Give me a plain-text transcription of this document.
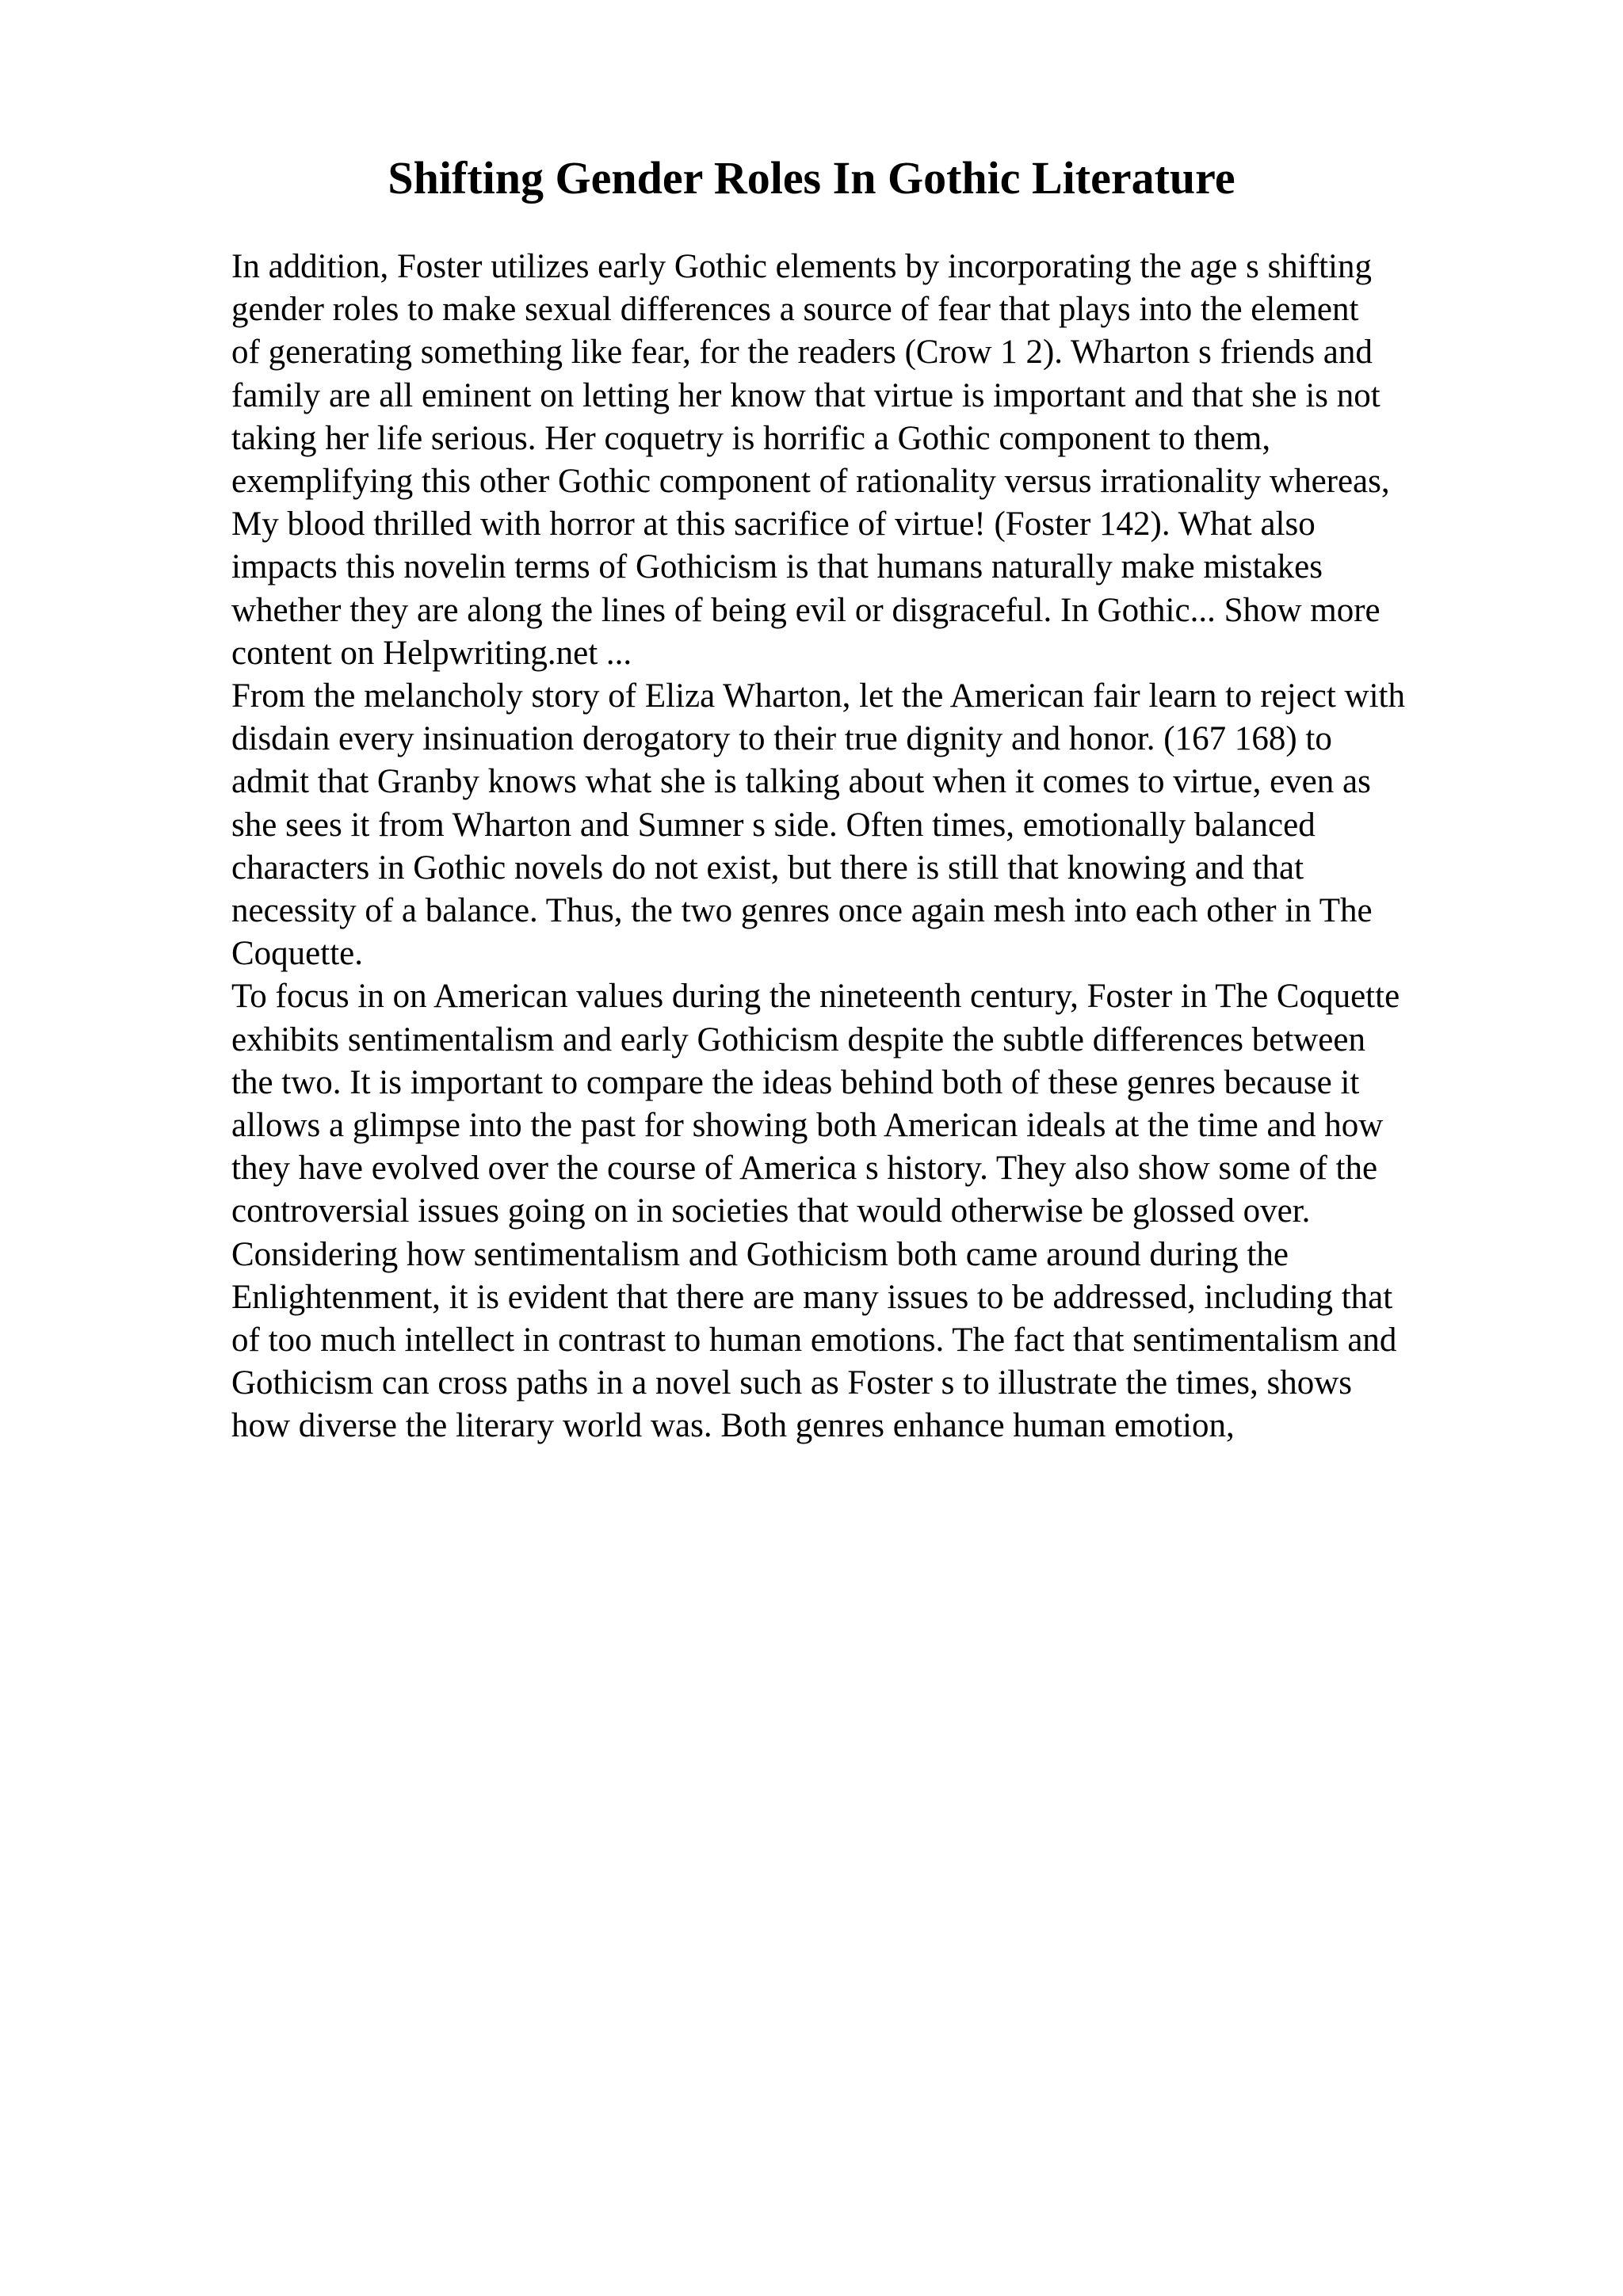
Shifting Gender Roles In Gothic Literature
In addition, Foster utilizes early Gothic elements by incorporating the age s shifting
gender roles to make sexual differences a source of fear that plays into the element
of generating something like fear, for the readers (Crow 1 2). Wharton s friends and
family are all eminent on letting her know that virtue is important and that she is not
taking her life serious. Her coquetry is horrific a Gothic component to them,
exemplifying this other Gothic component of rationality versus irrationality whereas,
My blood thrilled with horror at this sacrifice of virtue! (Foster 142). What also
impacts this novelin terms of Gothicism is that humans naturally make mistakes
whether they are along the lines of being evil or disgraceful. In Gothic... Show more
content on Helpwriting.net ...
From the melancholy story of Eliza Wharton, let the American fair learn to reject with
disdain every insinuation derogatory to their true dignity and honor. (167 168) to
admit that Granby knows what she is talking about when it comes to virtue, even as
she sees it from Wharton and Sumner s side. Often times, emotionally balanced
characters in Gothic novels do not exist, but there is still that knowing and that
necessity of a balance. Thus, the two genres once again mesh into each other in The
Coquette.
To focus in on American values during the nineteenth century, Foster in The Coquette
exhibits sentimentalism and early Gothicism despite the subtle differences between
the two. It is important to compare the ideas behind both of these genres because it
allows a glimpse into the past for showing both American ideals at the time and how
they have evolved over the course of America s history. They also show some of the
controversial issues going on in societies that would otherwise be glossed over.
Considering how sentimentalism and Gothicism both came around during the
Enlightenment, it is evident that there are many issues to be addressed, including that
of too much intellect in contrast to human emotions. The fact that sentimentalism and
Gothicism can cross paths in a novel such as Foster s to illustrate the times, shows
how diverse the literary world was. Both genres enhance human emotion,
